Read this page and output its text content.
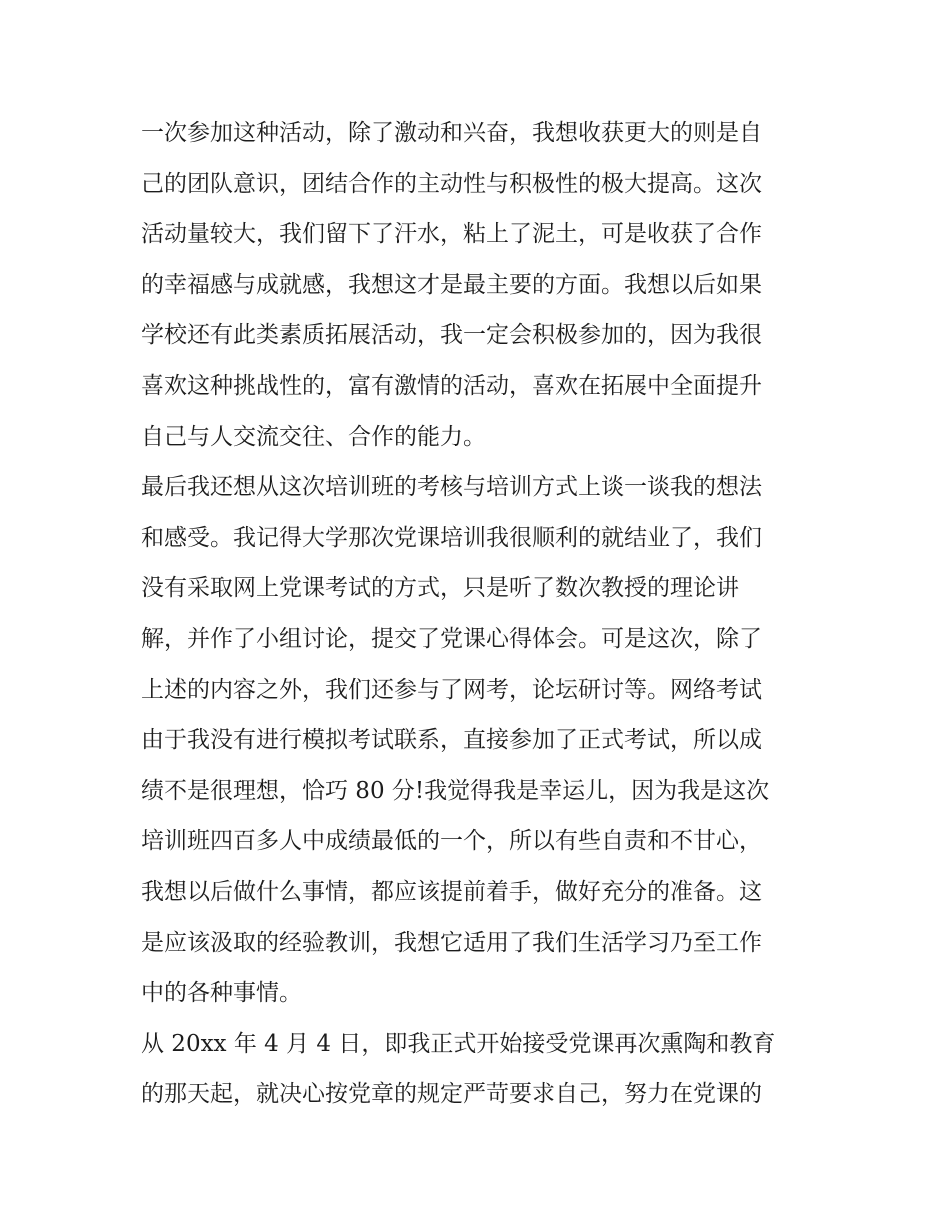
一次参加这种活动，除了激动和兴奋，我想收获更大的则是自
己的团队意识，团结合作的主动性与积极性的极大提高。这次
活动量较大，我们留下了汗水，粘上了泥土，可是收获了合作
的幸福感与成就感，我想这才是最主要的方面。我想以后如果
学校还有此类素质拓展活动，我一定会积极参加的，因为我很
喜欢这种挑战性的，富有激情的活动，喜欢在拓展中全面提升
自己与人交流交往、合作的能力。
最后我还想从这次培训班的考核与培训方式上谈一谈我的想法
和感受。我记得大学那次党课培训我很顺利的就结业了，我们
没有采取网上党课考试的方式，只是听了数次教授的理论讲
解，并作了小组讨论，提交了党课心得体会。可是这次，除了
上述的内容之外，我们还参与了网考，论坛研讨等。网络考试
由于我没有进行模拟考试联系，直接参加了正式考试，所以成
绩不是很理想，恰巧 80 分!我觉得我是幸运儿，因为我是这次
培训班四百多人中成绩最低的一个，所以有些自责和不甘心，
我想以后做什么事情，都应该提前着手，做好充分的准备。这
是应该汲取的经验教训，我想它适用了我们生活学习乃至工作
中的各种事情。
从 20xx 年 4 月 4 日，即我正式开始接受党课再次熏陶和教育
的那天起，就决心按党章的规定严苛要求自己，努力在党课的
